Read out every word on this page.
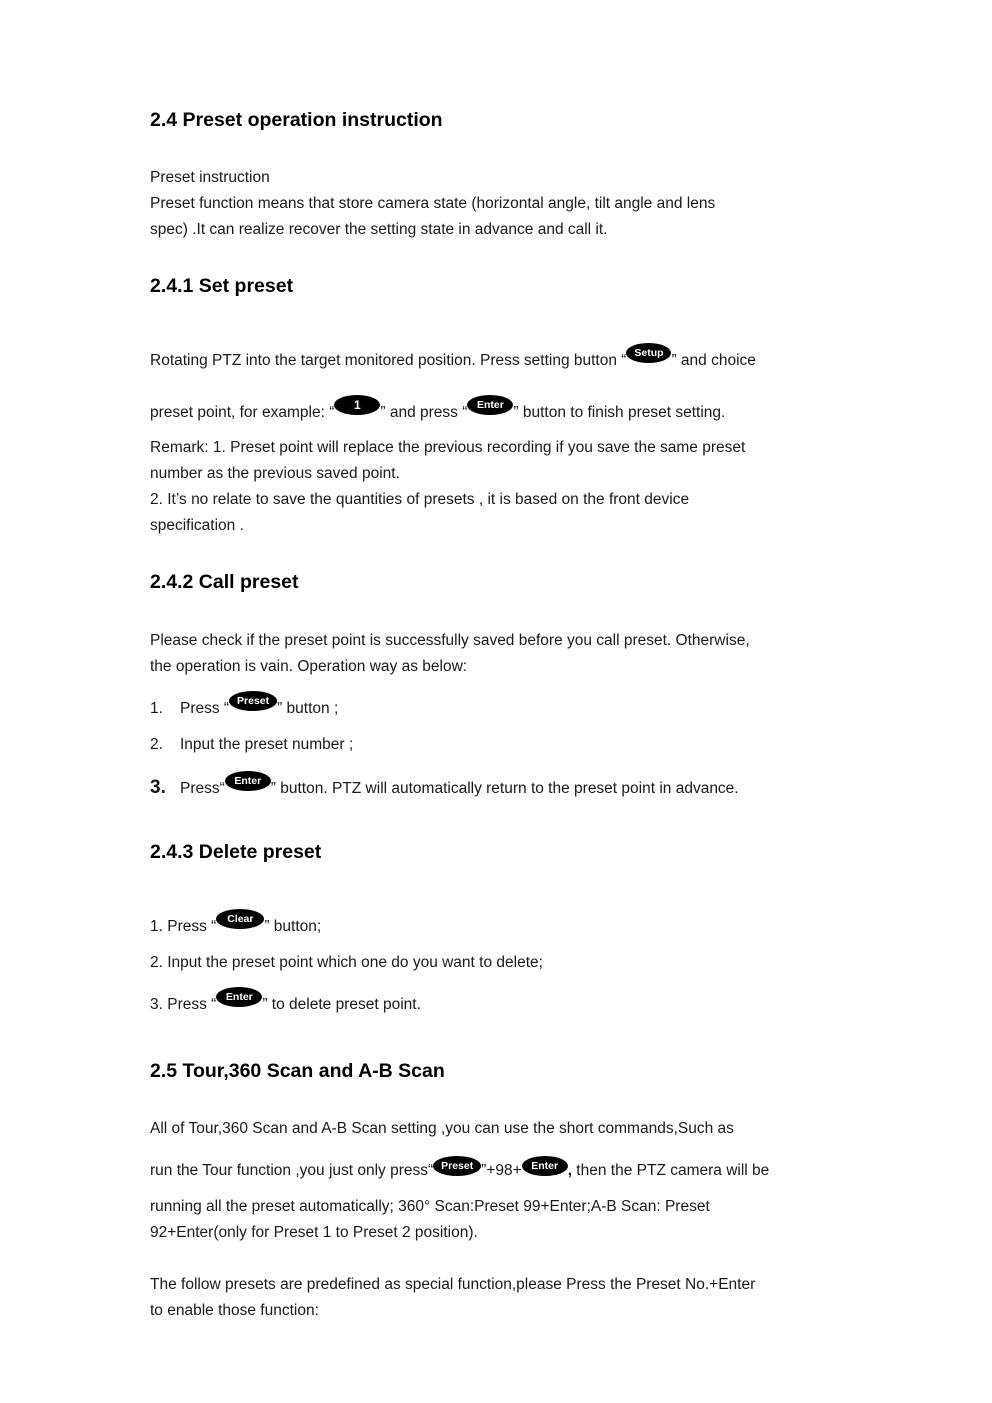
2.4 Preset operation instruction
Preset instruction
Preset function means that store camera state (horizontal angle, tilt angle and lens
spec) .It can realize recover the setting state in advance and call it.
2.4.1 Set preset
Rotating PTZ into the target monitored position. Press setting button “ Setup ” and choice
preset point, for example: “ 1 ” and press “ Enter ” button to finish preset setting.
Remark: 1. Preset point will replace the previous recording if you save the same preset
number as the previous saved point.
2. It’s no relate to save the quantities of presets , it is based on the front device
specification .
2.4.2 Call preset
Please check if the preset point is successfully saved before you call preset. Otherwise,
the operation is vain. Operation way as below:
1. Press “ Preset ” button ;
2. Input the preset number ;
3. Press“ Enter ” button. PTZ will automatically return to the preset point in advance.
2.4.3 Delete preset
1. Press “ Clear ” button;
2. Input the preset point which one do you want to delete;
3. Press “ Enter ” to delete preset point.
2.5 Tour,360 Scan and A-B Scan
All of Tour,360 Scan and A-B Scan setting ,you can use the short commands,Such as
run the Tour function ,you just only press“ Preset ”+98+ Enter , then the PTZ camera will be
running all the preset automatically; 360° Scan:Preset 99+Enter;A-B Scan: Preset
92+Enter(only for Preset 1 to Preset 2 position).
The follow presets are predefined as special function,please Press the Preset No.+Enter
to enable those function:
